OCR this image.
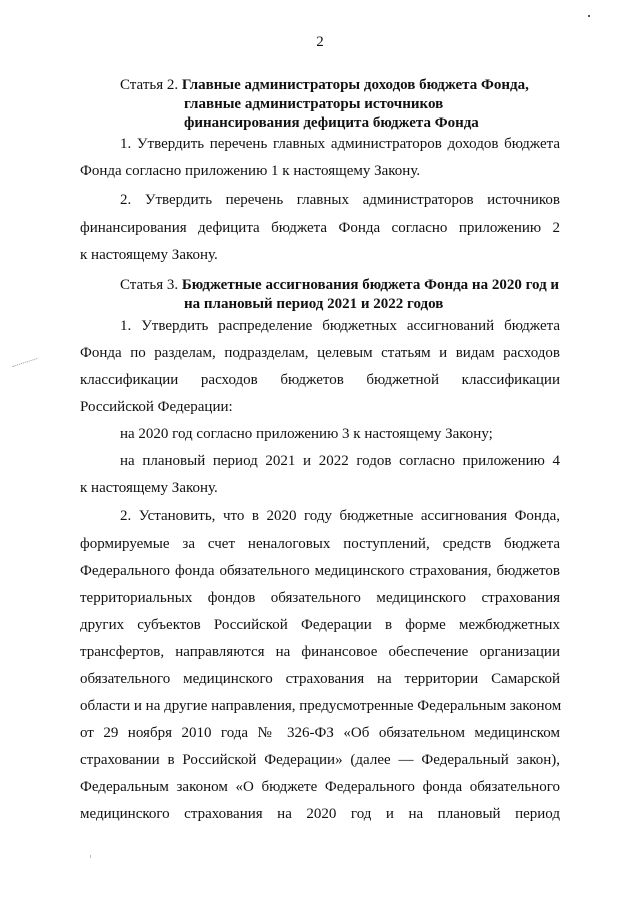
2
Статья 2. Главные администраторы доходов бюджета Фонда,
главные администраторы источников
финансирования дефицита бюджета Фонда
1. Утвердить перечень главных администраторов доходов бюджета
Фонда согласно приложению 1 к настоящему Закону.
2. Утвердить перечень главных администраторов источников
финансирования дефицита бюджета Фонда согласно приложению 2
к настоящему Закону.
Статья 3. Бюджетные ассигнования бюджета Фонда на 2020 год и
на плановый период 2021 и 2022 годов
1. Утвердить распределение бюджетных ассигнований бюджета
Фонда по разделам, подразделам, целевым статьям и видам расходов
классификации расходов бюджетов бюджетной классификации
Российской Федерации:
на 2020 год согласно приложению 3 к настоящему Закону;
на плановый период 2021 и 2022 годов согласно приложению 4
к настоящему Закону.
2. Установить, что в 2020 году бюджетные ассигнования Фонда,
формируемые за счет неналоговых поступлений, средств бюджета
Федерального фонда обязательного медицинского страхования, бюджетов
территориальных фондов обязательного медицинского страхования
других субъектов Российской Федерации в форме межбюджетных
трансфертов, направляются на финансовое обеспечение организации
обязательного медицинского страхования на территории Самарской
области и на другие направления, предусмотренные Федеральным законом
от 29 ноября 2010 года № 326-ФЗ «Об обязательном медицинском
страховании в Российской Федерации» (далее — Федеральный закон),
Федеральным законом «О бюджете Федерального фонда обязательного
медицинского страхования на 2020 год и на плановый период
